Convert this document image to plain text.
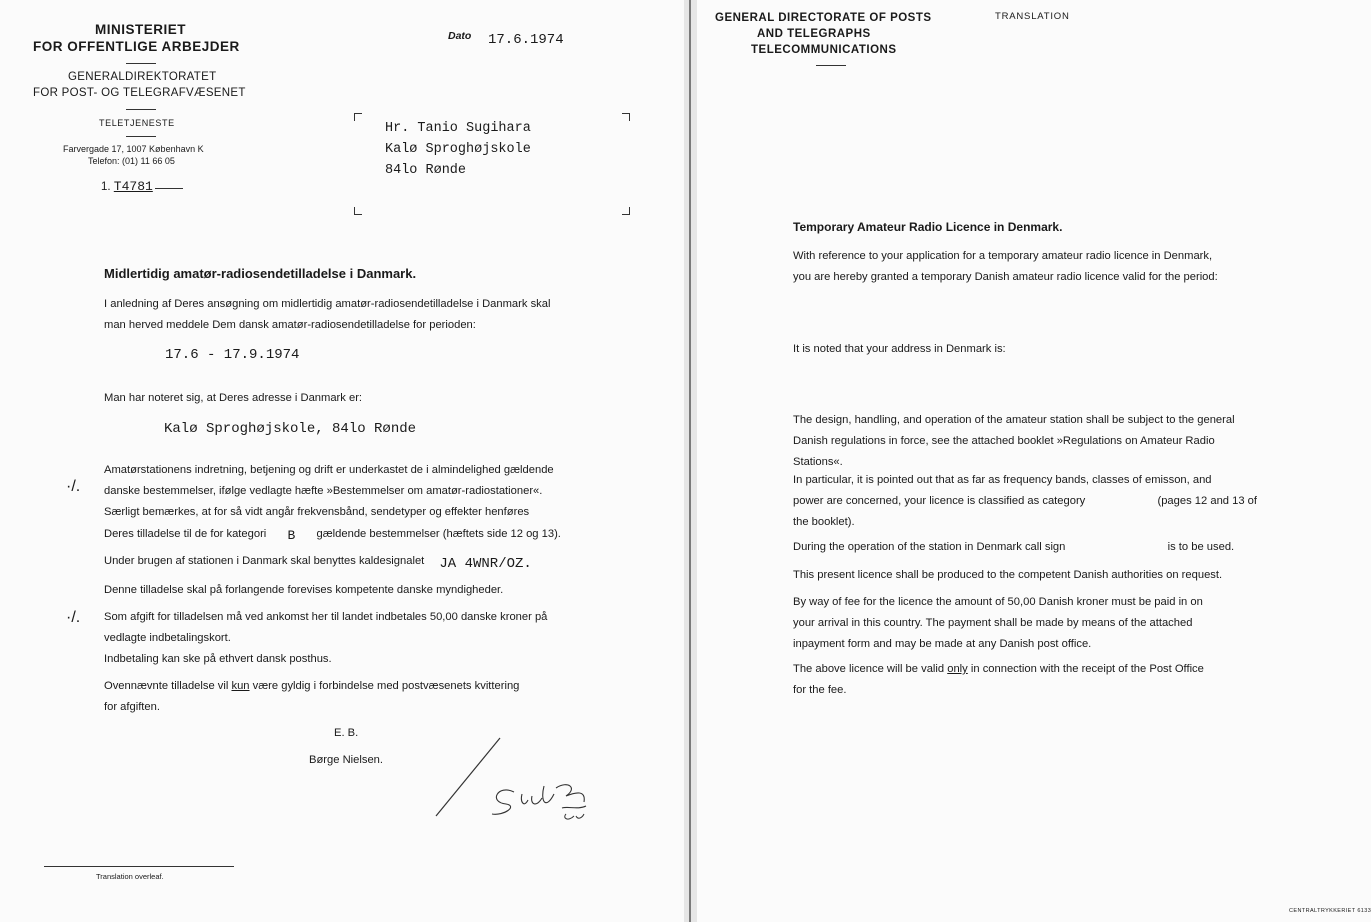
MINISTERIET
FOR OFFENTLIGE ARBEJDER
GENERALDIREKTORATET
FOR POST- OG TELEGRAFVÆSENET
TELETJENESTE
Farvergade 17, 1007 København K
Telefon: (01) 11 66 05
1. T4781
Dato 17.6.1974
Hr. Tanio Sugihara
Kalø Sproghøjskole
84lo Rønde
Midlertidig amatør-radiosendetilladelse i Danmark.
I anledning af Deres ansøgning om midlertidig amatør-radiosendetilladelse i Danmark skal
man herved meddele Dem dansk amatør-radiosendetilladelse for perioden:
17.6 - 17.9.1974
Man har noteret sig, at Deres adresse i Danmark er:
Kalø Sproghøjskole, 84lo Rønde
·/.
Amatørstationens indretning, betjening og drift er underkastet de i almindelighed gældende
danske bestemmelser, ifølge vedlagte hæfte »Bestemmelser om amatør-radiostationer«.
Særligt bemærkes, at for så vidt angår frekvensbånd, sendetyper og effekter henføres
Deres tilladelse til de for kategori B gældende bestemmelser (hæftets side 12 og 13).
Under brugen af stationen i Danmark skal benyttes kaldesignalet JA 4WNR/OZ.
Denne tilladelse skal på forlangende forevises kompetente danske myndigheder.
·/. Som afgift for tilladelsen må ved ankomst her til landet indbetales 50,00 danske kroner på
vedlagte indbetalingskort.
Indbetaling kan ske på ethvert dansk posthus.
Ovennævnte tilladelse vil kun være gyldig i forbindelse med postvæsenets kvittering
for afgiften.
E. B.
Børge Nielsen.
Translation overleaf.
GENERAL DIRECTORATE OF POSTS
AND TELEGRAPHS
TELECOMMUNICATIONS
TRANSLATION
Temporary Amateur Radio Licence in Denmark.
With reference to your application for a temporary amateur radio licence in Denmark,
you are hereby granted a temporary Danish amateur radio licence valid for the period:
It is noted that your address in Denmark is:
The design, handling, and operation of the amateur station shall be subject to the general
Danish regulations in force, see the attached booklet »Regulations on Amateur Radio
Stations«.
In particular, it is pointed out that as far as frequency bands, classes of emisson, and
power are concerned, your licence is classified as category	(pages 12 and 13 of
the booklet).
During the operation of the station in Denmark call sign	is to be used.
This present licence shall be produced to the competent Danish authorities on request.
By way of fee for the licence the amount of 50,00 Danish kroner must be paid in on
your arrival in this country. The payment shall be made by means of the attached
inpayment form and may be made at any Danish post office.
The above licence will be valid only in connection with the receipt of the Post Office
for the fee.
CENTRALTRYKKERIET 6133
